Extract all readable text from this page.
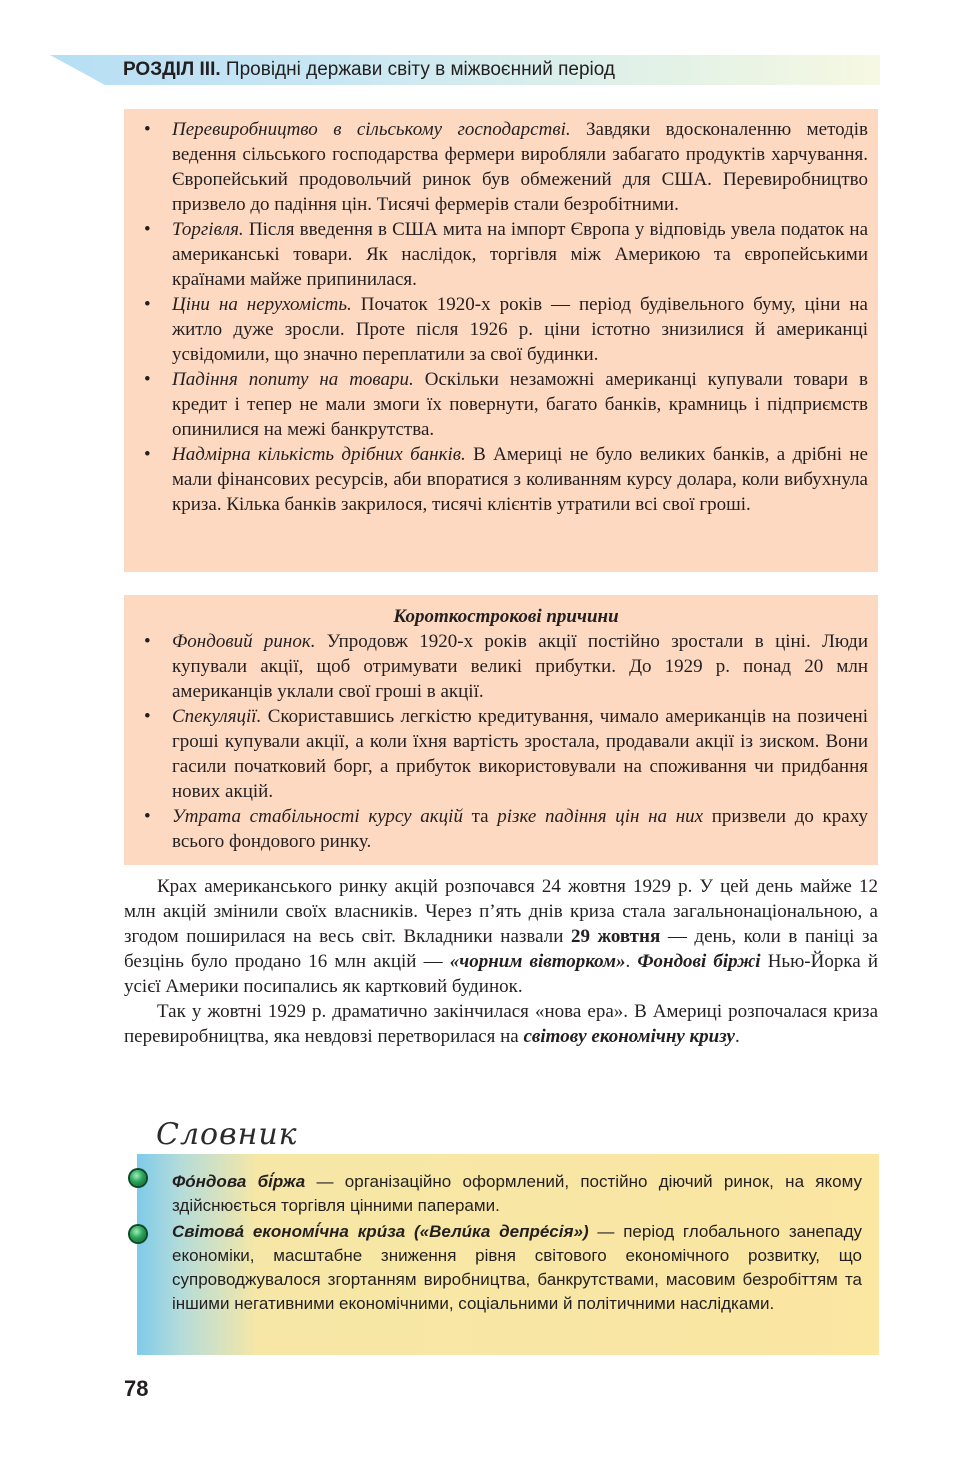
РОЗДІЛ ІІІ. Провідні держави світу в міжвоєнний період
• Перевиробництво в сільському господарстві. Завдяки вдосконаленню методів ведення сільського господарства фермери виробляли забагато продуктів харчування. Європейський продовольчий ринок був обмежений для США. Перевиробництво призвело до падіння цін. Тисячі фермерів стали безробітними.
• Торгівля. Після введення в США мита на імпорт Європа у відповідь увела податок на американські товари. Як наслідок, торгівля між Америкою та європейськими країнами майже припинилася.
• Ціни на нерухомість. Початок 1920-х років — період будівельного буму, ціни на житло дуже зросли. Проте після 1926 р. ціни істотно знизилися й американці усвідомили, що значно переплатили за свої будинки.
• Падіння попиту на товари. Оскільки незаможні американці купували товари в кредит і тепер не мали змоги їх повернути, багато банків, крамниць і підприємств опинилися на межі банкрутства.
• Надмірна кількість дрібних банків. В Америці не було великих банків, а дрібні не мали фінансових ресурсів, аби впоратися з коливанням курсу долара, коли вибухнула криза. Кілька банків закрилося, тисячі клієнтів утратили всі свої гроші.
Короткострокові причини
• Фондовий ринок. Упродовж 1920-х років акції постійно зростали в ціні. Люди купували акції, щоб отримувати великі прибутки. До 1929 р. понад 20 млн американців уклали свої гроші в акції.
• Спекуляції. Скориставшись легкістю кредитування, чимало американців на позичені гроші купували акції, а коли їхня вартість зростала, продавали акції із зиском. Вони гасили початковий борг, а прибуток використовували на споживання чи придбання нових акцій.
• Утрата стабільності курсу акцій та різке падіння цін на них призвели до краху всього фондового ринку.

Крах американського ринку акцій розпочався 24 жовтня 1929 р. У цей день майже 12 млн акцій змінили своїх власників. Через п’ять днів криза стала загальнонаціональною, а згодом поширилася на весь світ. Вкладники назвали 29 жовтня — день, коли в паніці за безцінь було продано 16 млн акцій — «чорним вівторком». Фондові біржі Нью-Йорка й усієї Америки посипались як картковий будинок.

Так у жовтні 1929 р. драматично закінчилася «нова ера». В Америці розпочалася криза перевиробництва, яка невдовзі перетворилася на світову економічну кризу.

Словник
Фо́ндова бі́ржа — організаційно оформлений, постійно діючий ринок, на якому здійснюється торгівля цінними паперами.
Світова́ економі́чна кри́за («Вели́ка депре́сія») — період глобального занепаду економіки, масштабне зниження рівня світового економічного розвитку, що супроводжувалося згортанням виробництва, банкрутствами, масовим безробіттям та іншими негативними економічними, соціальними й політичними наслідками.
78
